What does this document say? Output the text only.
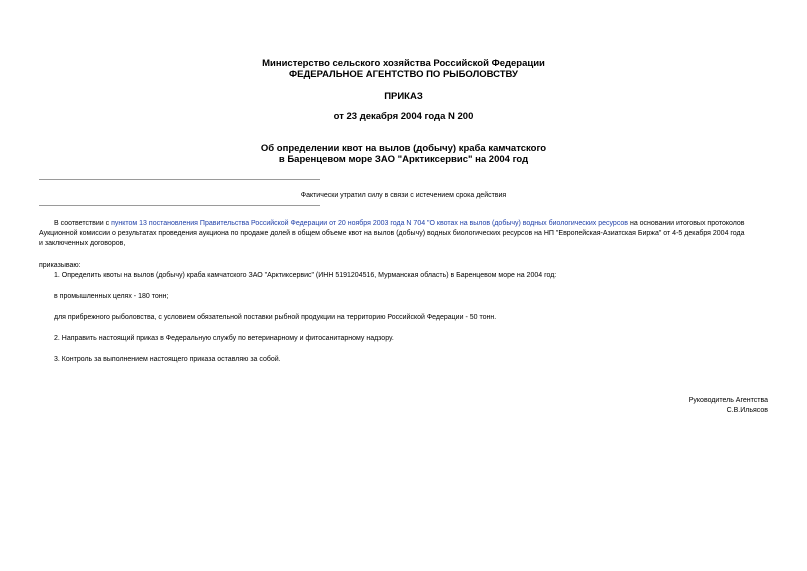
Министерство сельского хозяйства Российской Федерации
ФЕДЕРАЛЬНОЕ АГЕНТСТВО ПО РЫБОЛОВСТВУ
ПРИКАЗ
от 23 декабря 2004 года N 200
Об определении квот на вылов (добычу) краба камчатского
в Баренцевом море ЗАО "Арктиксервис" на 2004 год
Фактически утратил силу в связи с истечением срока действия
В соответствии с пунктом 13 постановления Правительства Российской Федерации от 20 ноября 2003 года N 704 "О квотах на вылов (добычу) водных биологических ресурсов на основании итоговых протоколов
Аукционной комиссии о результатах проведения аукциона по продаже долей в общем объеме квот на вылов (добычу) водных биологических ресурсов на НП "Европейская-Азиатская Биржа" от 4-5 декабря 2004 года
и заключенных договоров,
приказываю:
1. Определить квоты на вылов (добычу) краба камчатского ЗАО "Арктиксервис" (ИНН 5191204516, Мурманская область) в Баренцевом море на 2004 год:
в промышленных целях - 180 тонн;
для прибрежного рыболовства, с условием обязательной поставки рыбной продукции на территорию Российской Федерации - 50 тонн.
2. Направить настоящий приказ в Федеральную службу по ветеринарному и фитосанитарному надзору.
3. Контроль за выполнением настоящего приказа оставляю за собой.
Руководитель Агентства
С.В.Ильясов
